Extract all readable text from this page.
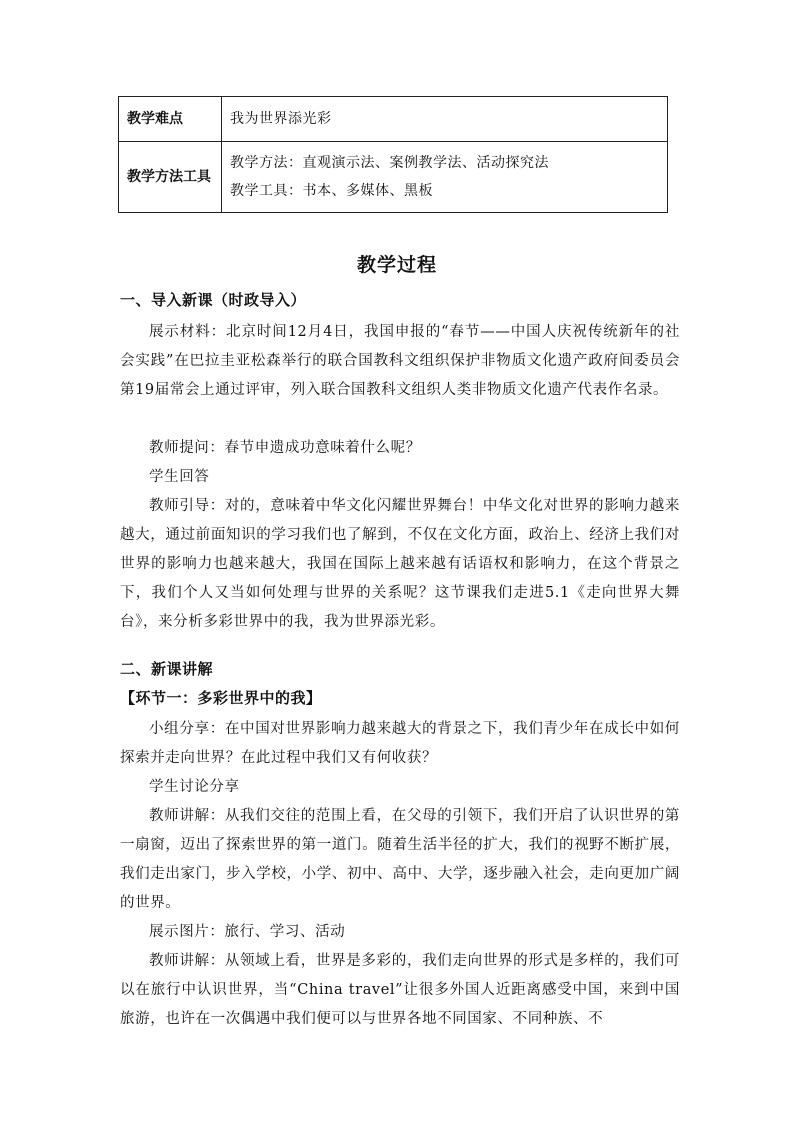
教学难点	我为世界添光彩
教学方法工具	教学方法：直观演示法、案例教学法、活动探究法
教学工具：书本、多媒体、黑板
教学过程
一、导入新课（时政导入）
展示材料：北京时间12月4日，我国申报的“春节——中国人庆祝传统新年的社会实践”在巴拉圭亚松森举行的联合国教科文组织保护非物质文化遗产政府间委员会第19届常会上通过评审，列入联合国教科文组织人类非物质文化遗产代表作名录。
教师提问：春节申遗成功意味着什么呢？
学生回答
教师引导：对的，意味着中华文化闪耀世界舞台！中华文化对世界的影响力越来越大，通过前面知识的学习我们也了解到，不仅在文化方面，政治上、经济上我们对世界的影响力也越来越大，我国在国际上越来越有话语权和影响力，在这个背景之下，我们个人又当如何处理与世界的关系呢？这节课我们走进5.1《走向世界大舞台》，来分析多彩世界中的我，我为世界添光彩。
二、新课讲解
【环节一：多彩世界中的我】
小组分享：在中国对世界影响力越来越大的背景之下，我们青少年在成长中如何探索并走向世界？在此过程中我们又有何收获？
学生讨论分享
教师讲解：从我们交往的范围上看，在父母的引领下，我们开启了认识世界的第一扇窗，迈出了探索世界的第一道门。随着生活半径的扩大，我们的视野不断扩展，我们走出家门，步入学校，小学、初中、高中、大学，逐步融入社会，走向更加广阔的世界。
展示图片：旅行、学习、活动
教师讲解：从领域上看，世界是多彩的，我们走向世界的形式是多样的，我们可以在旅行中认识世界，当“China travel”让很多外国人近距离感受中国，来到中国旅游，也许在一次偶遇中我们便可以与世界各地不同国家、不同种族、不
